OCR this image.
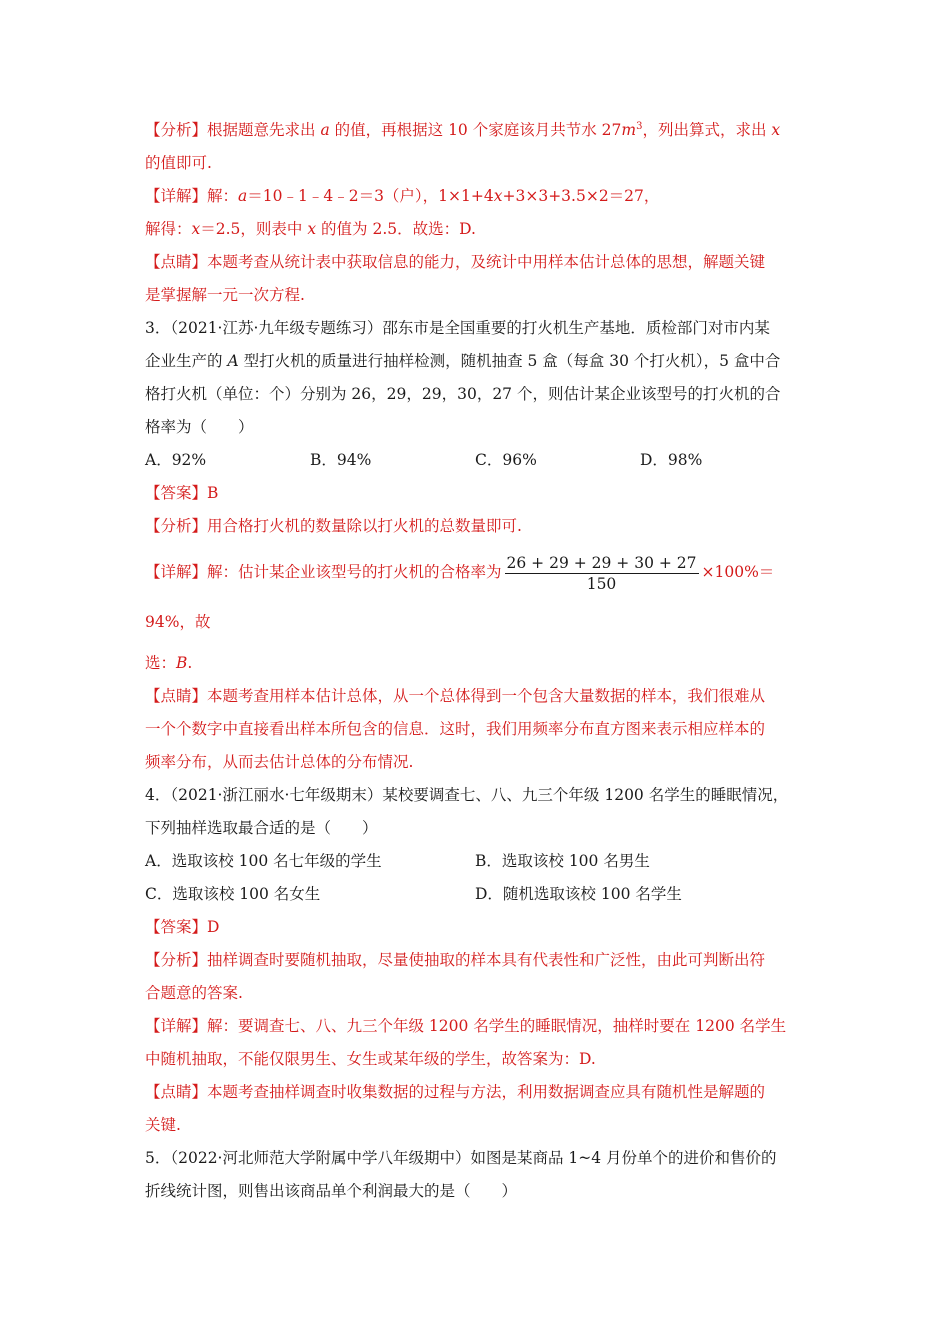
【分析】根据题意先求出 a 的值，再根据这 10 个家庭该月共节水 $27m^3$，列出算式，求出 x

的值即可.

【详解】解：a＝10﹣1﹣4﹣2＝3（户），1×1+4x+3×3+3.5×2＝27，

解得：x＝2.5，则表中 x 的值为 2.5．故选：D.

【点睛】本题考查从统计表中获取信息的能力，及统计中用样本估计总体的思想，解题关键

是掌握解一元一次方程.

3．（2021·江苏·九年级专题练习）邵东市是全国重要的打火机生产基地．质检部门对市内某

企业生产的 A 型打火机的质量进行抽样检测，随机抽查 5 盒（每盒 30 个打火机），5 盒中合

格打火机（单位：个）分别为 26，29，29，30，27 个，则估计某企业该型号的打火机的合

格率为（　　）

A．92%	B．94%	C．96%	D．98%

【答案】B

【分析】用合格打火机的数量除以打火机的总数量即可.

【详解】解：估计某企业该型号的打火机的合格率为 $\frac{26 + 29 + 29 + 30 + 27}{150} \times 100\%=94\%$，故

选：B.

【点睛】本题考查用样本估计总体，从一个总体得到一个包含大量数据的样本，我们很难从

一个个数字中直接看出样本所包含的信息．这时，我们用频率分布直方图来表示相应样本的

频率分布，从而去估计总体的分布情况.

4．（2021·浙江丽水·七年级期末）某校要调查七、八、九三个年级 1200 名学生的睡眠情况，

下列抽样选取最合适的是（　　）

A．选取该校 100 名七年级的学生	B．选取该校 100 名男生
C．选取该校 100 名女生	D．随机选取该校 100 名学生

【答案】D

【分析】抽样调查时要随机抽取，尽量使抽取的样本具有代表性和广泛性，由此可判断出符

合题意的答案.

【详解】解：要调查七、八、九三个年级 1200 名学生的睡眠情况，抽样时要在 1200 名学生

中随机抽取，不能仅限男生、女生或某年级的学生，故答案为：D.

【点睛】本题考查抽样调查时收集数据的过程与方法，利用数据调查应具有随机性是解题的

关键.

5．（2022·河北师范大学附属中学八年级期中）如图是某商品 1~4 月份单个的进价和售价的

折线统计图，则售出该商品单个利润最大的是（　　）
